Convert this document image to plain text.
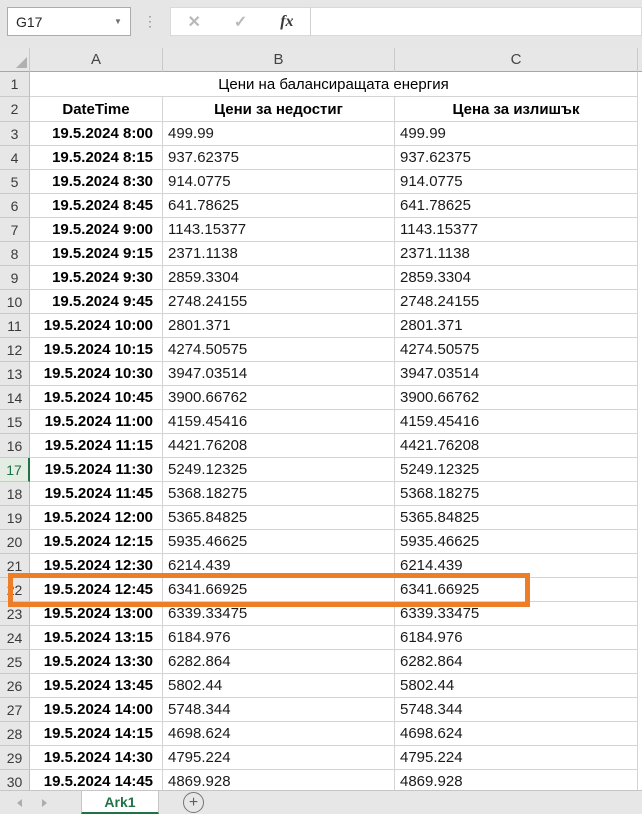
G17	▼	⋮ ✕ ✓ fx
A	B	C
1	Цени на балансиращата енергия
2	DateTime	Цени за недостиг	Цена за излишък
3	19.5.2024 8:00	499.99	499.99
4	19.5.2024 8:15	937.62375	937.62375
5	19.5.2024 8:30	914.0775	914.0775
6	19.5.2024 8:45	641.78625	641.78625
7	19.5.2024 9:00	1143.15377	1143.15377
8	19.5.2024 9:15	2371.1138	2371.1138
9	19.5.2024 9:30	2859.3304	2859.3304
10	19.5.2024 9:45	2748.24155	2748.24155
11	19.5.2024 10:00	2801.371	2801.371
12	19.5.2024 10:15	4274.50575	4274.50575
13	19.5.2024 10:30	3947.03514	3947.03514
14	19.5.2024 10:45	3900.66762	3900.66762
15	19.5.2024 11:00	4159.45416	4159.45416
16	19.5.2024 11:15	4421.76208	4421.76208
17	19.5.2024 11:30	5249.12325	5249.12325
18	19.5.2024 11:45	5368.18275	5368.18275
19	19.5.2024 12:00	5365.84825	5365.84825
20	19.5.2024 12:15	5935.46625	5935.46625
21	19.5.2024 12:30	6214.439	6214.439
22	19.5.2024 12:45	6341.66925	6341.66925
23	19.5.2024 13:00	6339.33475	6339.33475
24	19.5.2024 13:15	6184.976	6184.976
25	19.5.2024 13:30	6282.864	6282.864
26	19.5.2024 13:45	5802.44	5802.44
27	19.5.2024 14:00	5748.344	5748.344
28	19.5.2024 14:15	4698.624	4698.624
29	19.5.2024 14:30	4795.224	4795.224
30	19.5.2024 14:45	4869.928	4869.928
Ark1	+
